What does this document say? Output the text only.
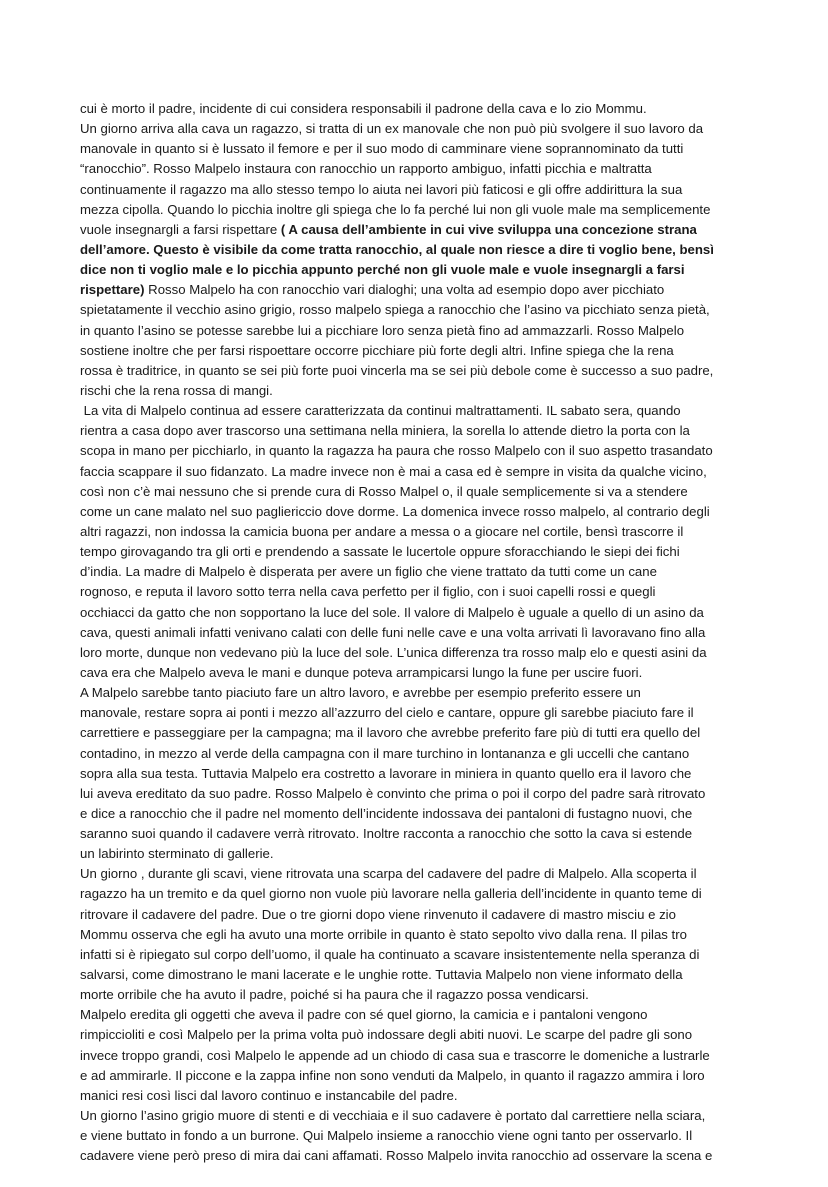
cui è morto il padre, incidente di cui considera responsabili il padrone della cava e lo zio Mommu.
Un giorno arriva alla cava un ragazzo, si tratta di un ex manovale che non può più svolgere il suo lavoro da
manovale in quanto si è lussato il femore e per il suo modo di camminare viene soprannominato da tutti
“ranocchio”. Rosso Malpelo instaura con ranocchio un rapporto ambiguo, infatti picchia e maltratta
continuamente il ragazzo ma allo stesso tempo lo aiuta nei lavori più faticosi e gli offre addirittura la sua
mezza cipolla. Quando lo picchia inoltre gli spiega che lo fa perché lui non gli vuole male ma semplicemente
vuole insegnargli a farsi rispettare ( A causa dell’ambiente in cui vive sviluppa una concezione strana
dell’amore. Questo è visibile da come tratta ranocchio, al quale non riesce a dire ti voglio bene, bensì
dice non ti voglio male e lo picchia appunto perché non gli vuole male e vuole insegnargli a farsi
rispettare) Rosso Malpelo ha con ranocchio vari dialoghi; una volta ad esempio dopo aver picchiato
spietatamente il vecchio asino grigio, rosso malpelo spiega a ranocchio che l’asino va picchiato senza pietà,
in quanto l’asino se potesse sarebbe lui a picchiare loro senza pietà fino ad ammazzarli. Rosso Malpelo
sostiene inoltre che per farsi rispoettare occorre picchiare più forte degli altri. Infine spiega che la rena
rossa è traditrice, in quanto se sei più forte puoi vincerla ma se sei più debole come è successo a suo padre,
rischi che la rena rossa di mangi.
La vita di Malpelo continua ad essere caratterizzata da continui maltrattamenti. IL sabato sera, quando
rientra a casa dopo aver trascorso una settimana nella miniera, la sorella lo attende dietro la porta con la
scopa in mano per picchiarlo, in quanto la ragazza ha paura che rosso Malpelo con il suo aspetto trasandato
faccia scappare il suo fidanzato. La madre invece non è mai a casa ed è sempre in visita da qualche vicino,
così non c’è mai nessuno che si prende cura di Rosso Malpel o, il quale semplicemente si va a stendere
come un cane malato nel suo pagliericcio dove dorme. La domenica invece rosso malpelo, al contrario degli
altri ragazzi, non indossa la camicia buona per andare a messa o a giocare nel cortile, bensì trascorre il
tempo girovagando tra gli orti e prendendo a sassate le lucertole oppure sforacchiando le siepi dei fichi
d’india. La madre di Malpelo è disperata per avere un figlio che viene trattato da tutti come un cane
rognoso, e reputa il lavoro sotto terra nella cava perfetto per il figlio, con i suoi capelli rossi e quegli
occhiacci da gatto che non sopportano la luce del sole. Il valore di Malpelo è uguale a quello di un asino da
cava, questi animali infatti venivano calati con delle funi nelle cave e una volta arrivati lì lavoravano fino alla
loro morte, dunque non vedevano più la luce del sole. L’unica differenza tra rosso malp elo e questi asini da
cava era che Malpelo aveva le mani e dunque poteva arrampicarsi lungo la fune per uscire fuori.
A Malpelo sarebbe tanto piaciuto fare un altro lavoro, e avrebbe per esempio preferito essere un
manovale, restare sopra ai ponti i mezzo all’azzurro del cielo e cantare, oppure gli sarebbe piaciuto fare il
carrettiere e passeggiare per la campagna; ma il lavoro che avrebbe preferito fare più di tutti era quello del
contadino, in mezzo al verde della campagna con il mare turchino in lontananza e gli uccelli che cantano
sopra alla sua testa. Tuttavia Malpelo era costretto a lavorare in miniera in quanto quello era il lavoro che
lui aveva ereditato da suo padre. Rosso Malpelo è convinto che prima o poi il corpo del padre sarà ritrovato
e dice a ranocchio che il padre nel momento dell’incidente indossava dei pantaloni di fustagno nuovi, che
saranno suoi quando il cadavere verrà ritrovato. Inoltre racconta a ranocchio che sotto la cava si estende
un labirinto sterminato di gallerie.
Un giorno , durante gli scavi, viene ritrovata una scarpa del cadavere del padre di Malpelo. Alla scoperta il
ragazzo ha un tremito e da quel giorno non vuole più lavorare nella galleria dell’incidente in quanto teme di
ritrovare il cadavere del padre. Due o tre giorni dopo viene rinvenuto il cadavere di mastro misciu e zio
Mommu osserva che egli ha avuto una morte orribile in quanto è stato sepolto vivo dalla rena. Il pilas tro
infatti si è ripiegato sul corpo dell’uomo, il quale ha continuato a scavare insistentemente nella speranza di
salvarsi, come dimostrano le mani lacerate e le unghie rotte. Tuttavia Malpelo non viene informato della
morte orribile che ha avuto il padre, poiché si ha paura che il ragazzo possa vendicarsi.
Malpelo eredita gli oggetti che aveva il padre con sé quel giorno, la camicia e i pantaloni vengono
rimpiccioliti e così Malpelo per la prima volta può indossare degli abiti nuovi. Le scarpe del padre gli sono
invece troppo grandi, così Malpelo le appende ad un chiodo di casa sua e trascorre le domeniche a lustrarle
e ad ammirarle. Il piccone e la zappa infine non sono venduti da Malpelo, in quanto il ragazzo ammira i loro
manici resi così lisci dal lavoro continuo e instancabile del padre.
Un giorno l’asino grigio muore di stenti e di vecchiaia e il suo cadavere è portato dal carrettiere nella sciara,
e viene buttato in fondo a un burrone. Qui Malpelo insieme a ranocchio viene ogni tanto per osservarlo. Il
cadavere viene però preso di mira dai cani affamati. Rosso Malpelo invita ranocchio ad osservare la scena e
